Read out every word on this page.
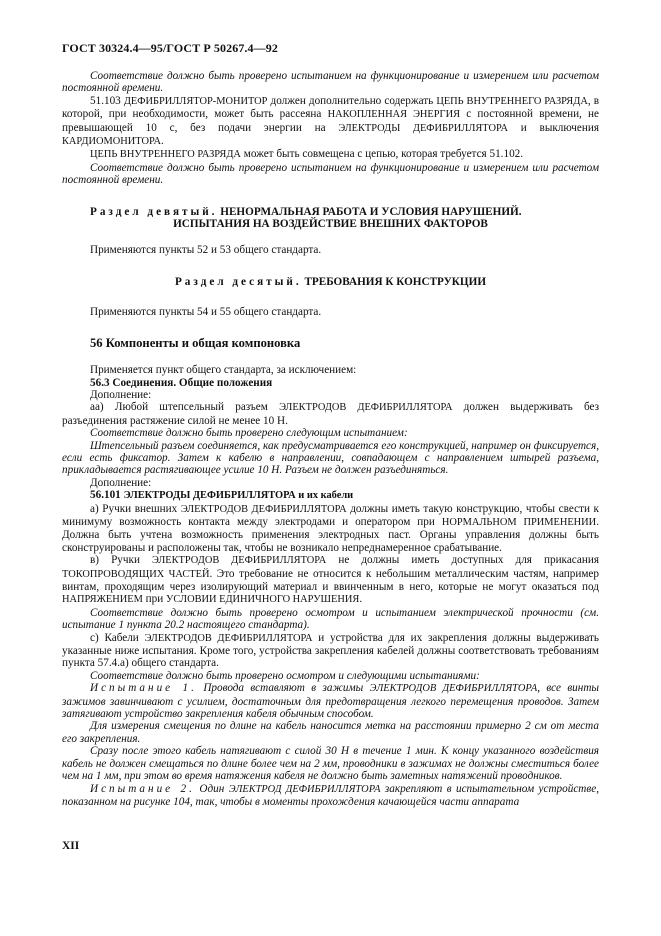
ГОСТ 30324.4—95/ГОСТ Р 50267.4—92

Соответствие должно быть проверено испытанием на функционирование и измерением или расчетом постоянной времени.

51.103 ДЕФИБРИЛЛЯТОР-МОНИТОР должен дополнительно содержать ЦЕПЬ ВНУТРЕННЕГО РАЗРЯДА, в которой, при необходимости, может быть рассеяна НАКОПЛЕННАЯ ЭНЕРГИЯ с постоянной времени, не превышающей 10 с, без подачи энергии на ЭЛЕКТРОДЫ ДЕФИБРИЛЛЯТОРА и выключения КАРДИОМОНИТОРА.

ЦЕПЬ ВНУТРЕННЕГО РАЗРЯДА может быть совмещена с цепью, которая требуется 51.102.

Соответствие должно быть проверено испытанием на функционирование и измерением или расчетом постоянной времени.

Раздел девятый. НЕНОРМАЛЬНАЯ РАБОТА И УСЛОВИЯ НАРУШЕНИЙ.

ИСПЫТАНИЯ НА ВОЗДЕЙСТВИЕ ВНЕШНИХ ФАКТОРОВ

Применяются пункты 52 и 53 общего стандарта.

Раздел десятый. ТРЕБОВАНИЯ К КОНСТРУКЦИИ

Применяются пункты 54 и 55 общего стандарта.

56 Компоненты и общая компоновка

Применяется пункт общего стандарта, за исключением:

56.3 Соединения. Общие положения

Дополнение:

аа) Любой штепсельный разъем ЭЛЕКТРОДОВ ДЕФИБРИЛЛЯТОРА должен выдерживать без разъединения растяжение силой не менее 10 Н.

Соответствие должно быть проверено следующим испытанием:

Штепсельный разъем соединяется, как предусматривается его конструкцией, например он фиксируется, если есть фиксатор. Затем к кабелю в направлении, совпадающем с направлением штырей разъема, прикладывается растягивающее усилие 10 Н. Разъем не должен разъединяться.

Дополнение:

56.101 ЭЛЕКТРОДЫ ДЕФИБРИЛЛЯТОРА и их кабели

а) Ручки внешних ЭЛЕКТРОДОВ ДЕФИБРИЛЛЯТОРА должны иметь такую конструкцию, чтобы свести к минимуму возможность контакта между электродами и оператором при НОРМАЛЬНОМ ПРИМЕНЕНИИ. Должна быть учтена возможность применения электродных паст. Органы управления должны быть сконструированы и расположены так, чтобы не возникало непреднамеренное срабатывание.

в) Ручки ЭЛЕКТРОДОВ ДЕФИБРИЛЛЯТОРА не должны иметь доступных для прикасания ТОКОПРОВОДЯЩИХ ЧАСТЕЙ. Это требование не относится к небольшим металлическим частям, например винтам, проходящим через изолирующий материал и ввинченным в него, которые не могут оказаться под НАПРЯЖЕНИЕМ при УСЛОВИИ ЕДИНИЧНОГО НАРУШЕНИЯ.

Соответствие должно быть проверено осмотром и испытанием электрической прочности (см. испытание 1 пункта 20.2 настоящего стандарта).

с) Кабели ЭЛЕКТРОДОВ ДЕФИБРИЛЛЯТОРА и устройства для их закрепления должны выдерживать указанные ниже испытания. Кроме того, устройства закрепления кабелей должны соответствовать требованиям пункта 57.4.а) общего стандарта.

Соответствие должно быть проверено осмотром и следующими испытаниями:

Испытание 1. Провода вставляют в зажимы ЭЛЕКТРОДОВ ДЕФИБРИЛЛЯТОРА, все винты зажимов завинчивают с усилием, достаточным для предотвращения легкого перемещения проводов. Затем затягивают устройство закрепления кабеля обычным способом.

Для измерения смещения по длине на кабель наносится метка на расстоянии примерно 2 см от места его закрепления.

Сразу после этого кабель натягивают с силой 30 Н в течение 1 мин. К концу указанного воздействия кабель не должен смещаться по длине более чем на 2 мм, проводники в зажимах не должны сместиться более чем на 1 мм, при этом во время натяжения кабеля не должно быть заметных натяжений проводников.

Испытание 2. Один ЭЛЕКТРОД ДЕФИБРИЛЛЯТОРА закрепляют в испытательном устройстве, показанном на рисунке 104, так, чтобы в моменты прохождения качающейся части аппарата

XII
